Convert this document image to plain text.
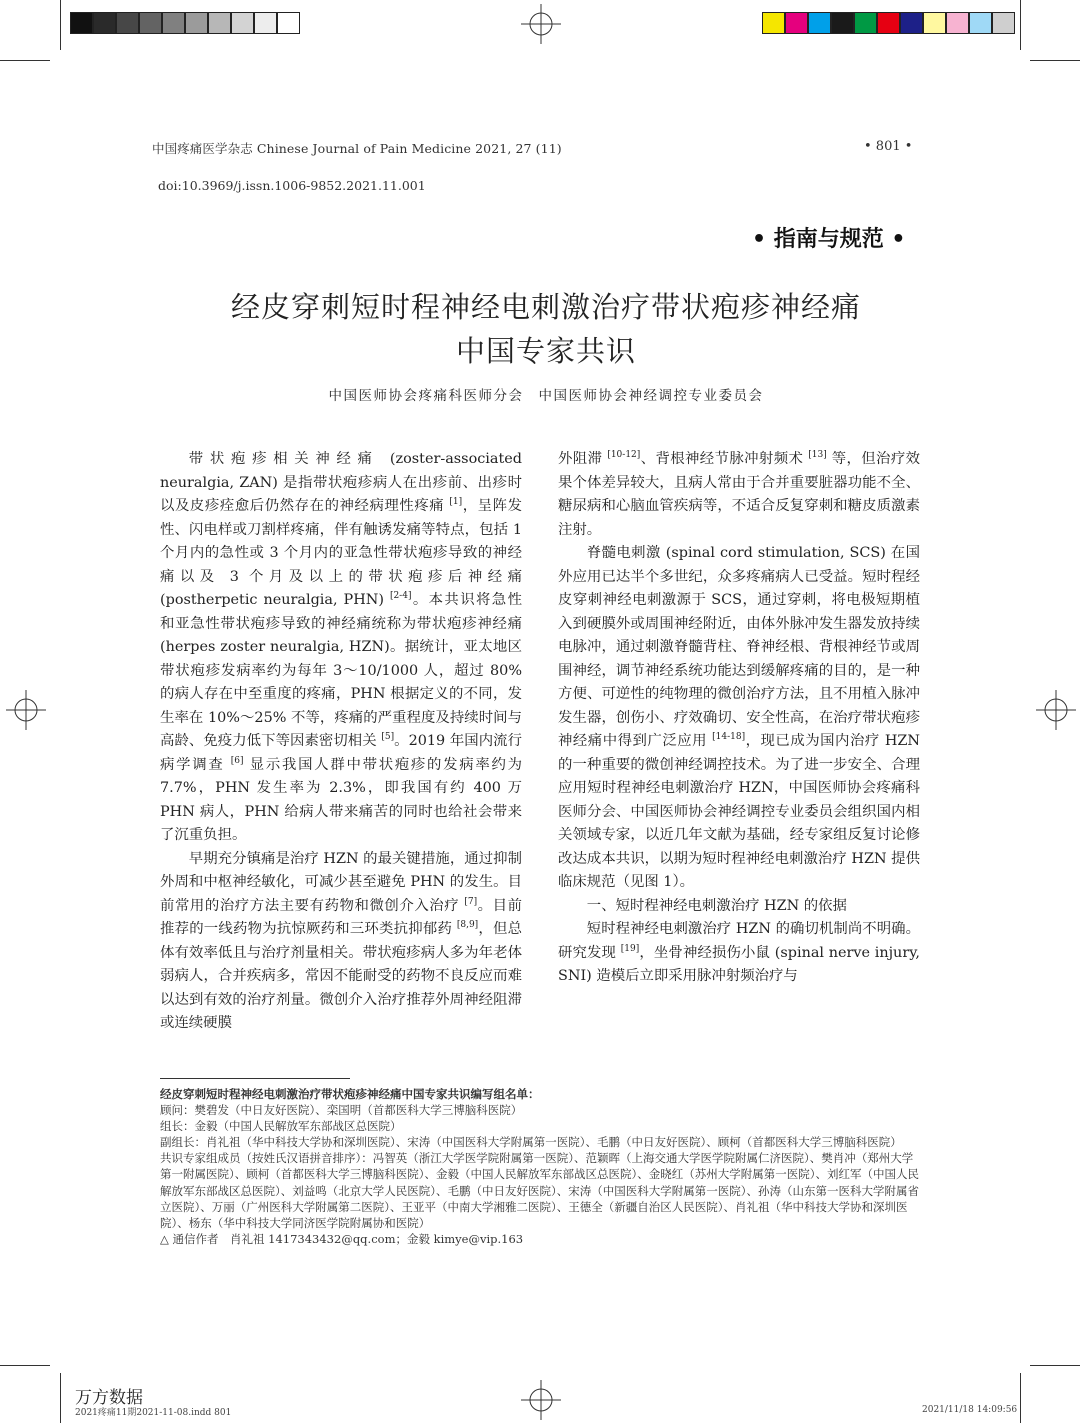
中国疼痛医学杂志 Chinese Journal of Pain Medicine 2021, 27 (11)	• 801 •
doi:10.3969/j.issn.1006-9852.2021.11.001
• 指南与规范 •
经皮穿刺短时程神经电刺激治疗带状疱疹神经痛
中国专家共识
中国医师协会疼痛科医师分会　中国医师协会神经调控专业委员会

带状疱疹相关神经痛 (zoster-associated neuralgia, ZAN) 是指带状疱疹病人在出疹前、出疹时以及皮疹痊愈后仍然存在的神经病理性疼痛 [1]，呈阵发性、闪电样或刀割样疼痛，伴有触诱发痛等特点，包括 1 个月内的急性或 3 个月内的亚急性带状疱疹导致的神经痛以及 3 个月及以上的带状疱疹后神经痛 (postherpetic neuralgia, PHN) [2-4]。本共识将急性和亚急性带状疱疹导致的神经痛统称为带状疱疹神经痛 (herpes zoster neuralgia, HZN)。据统计，亚太地区带状疱疹发病率约为每年 3～10/1000 人，超过 80% 的病人存在中至重度的疼痛，PHN 根据定义的不同，发生率在 10%～25% 不等，疼痛的严重程度及持续时间与高龄、免疫力低下等因素密切相关 [5]。2019 年国内流行病学调查 [6] 显示我国人群中带状疱疹的发病率约为 7.7%，PHN 发生率为 2.3%，即我国有约 400 万 PHN 病人，PHN 给病人带来痛苦的同时也给社会带来了沉重负担。

早期充分镇痛是治疗 HZN 的最关键措施，通过抑制外周和中枢神经敏化，可减少甚至避免 PHN 的发生。目前常用的治疗方法主要有药物和微创介入治疗 [7]。目前推荐的一线药物为抗惊厥药和三环类抗抑郁药 [8,9]，但总体有效率低且与治疗剂量相关。带状疱疹病人多为年老体弱病人，合并疾病多，常因不能耐受的药物不良反应而难以达到有效的治疗剂量。微创介入治疗推荐外周神经阻滞或连续硬膜

外阻滞 [10-12]、背根神经节脉冲射频术 [13] 等，但治疗效果个体差异较大，且病人常由于合并重要脏器功能不全、糖尿病和心脑血管疾病等，不适合反复穿刺和糖皮质激素注射。

脊髓电刺激 (spinal cord stimulation, SCS) 在国外应用已达半个多世纪，众多疼痛病人已受益。短时程经皮穿刺神经电刺激源于 SCS，通过穿刺，将电极短期植入到硬膜外或周围神经附近，由体外脉冲发生器发放持续电脉冲，通过刺激脊髓背柱、脊神经根、背根神经节或周围神经，调节神经系统功能达到缓解疼痛的目的，是一种方便、可逆性的纯物理的微创治疗方法，且不用植入脉冲发生器，创伤小、疗效确切、安全性高，在治疗带状疱疹神经痛中得到广泛应用 [14-18]，现已成为国内治疗 HZN 的一种重要的微创神经调控技术。为了进一步安全、合理应用短时程神经电刺激治疗 HZN，中国医师协会疼痛科医师分会、中国医师协会神经调控专业委员会组织国内相关领域专家，以近几年文献为基础，经专家组反复讨论修改达成本共识，以期为短时程神经电刺激治疗 HZN 提供临床规范（见图 1）。

一、短时程神经电刺激治疗 HZN 的依据

短时程神经电刺激治疗 HZN 的确切机制尚不明确。研究发现 [19]，坐骨神经损伤小鼠 (spinal nerve injury, SNI) 造模后立即采用脉冲射频治疗与

经皮穿刺短时程神经电刺激治疗带状疱疹神经痛中国专家共识编写组名单：
顾问：樊碧发（中日友好医院）、栾国明（首都医科大学三博脑科医院）
组长：金毅（中国人民解放军东部战区总医院）
副组长：肖礼祖（华中科技大学协和深圳医院）、宋涛（中国医科大学附属第一医院）、毛鹏（中日友好医院）、顾柯（首都医科大学三博脑科医院）
共识专家组成员（按姓氏汉语拼音排序）：冯智英（浙江大学医学院附属第一医院）、范颖晖（上海交通大学医学院附属仁济医院）、樊肖冲（郑州大学第一附属医院）、顾柯（首都医科大学三博脑科医院）、金毅（中国人民解放军东部战区总医院）、金晓红（苏州大学附属第一医院）、刘红军（中国人民解放军东部战区总医院）、刘益鸣（北京大学人民医院）、毛鹏（中日友好医院）、宋涛（中国医科大学附属第一医院）、孙涛（山东第一医科大学附属省立医院）、万丽（广州医科大学附属第二医院）、王亚平（中南大学湘雅二医院）、王德全（新疆自治区人民医院）、肖礼祖（华中科技大学协和深圳医院）、杨东（华中科技大学同济医学院附属协和医院）
△ 通信作者　肖礼祖 1417343432@qq.com；金毅 kimye@vip.163
万方数据
2021疼痛11期2021-11-08.indd 801	2021/11/18 14:09:56
